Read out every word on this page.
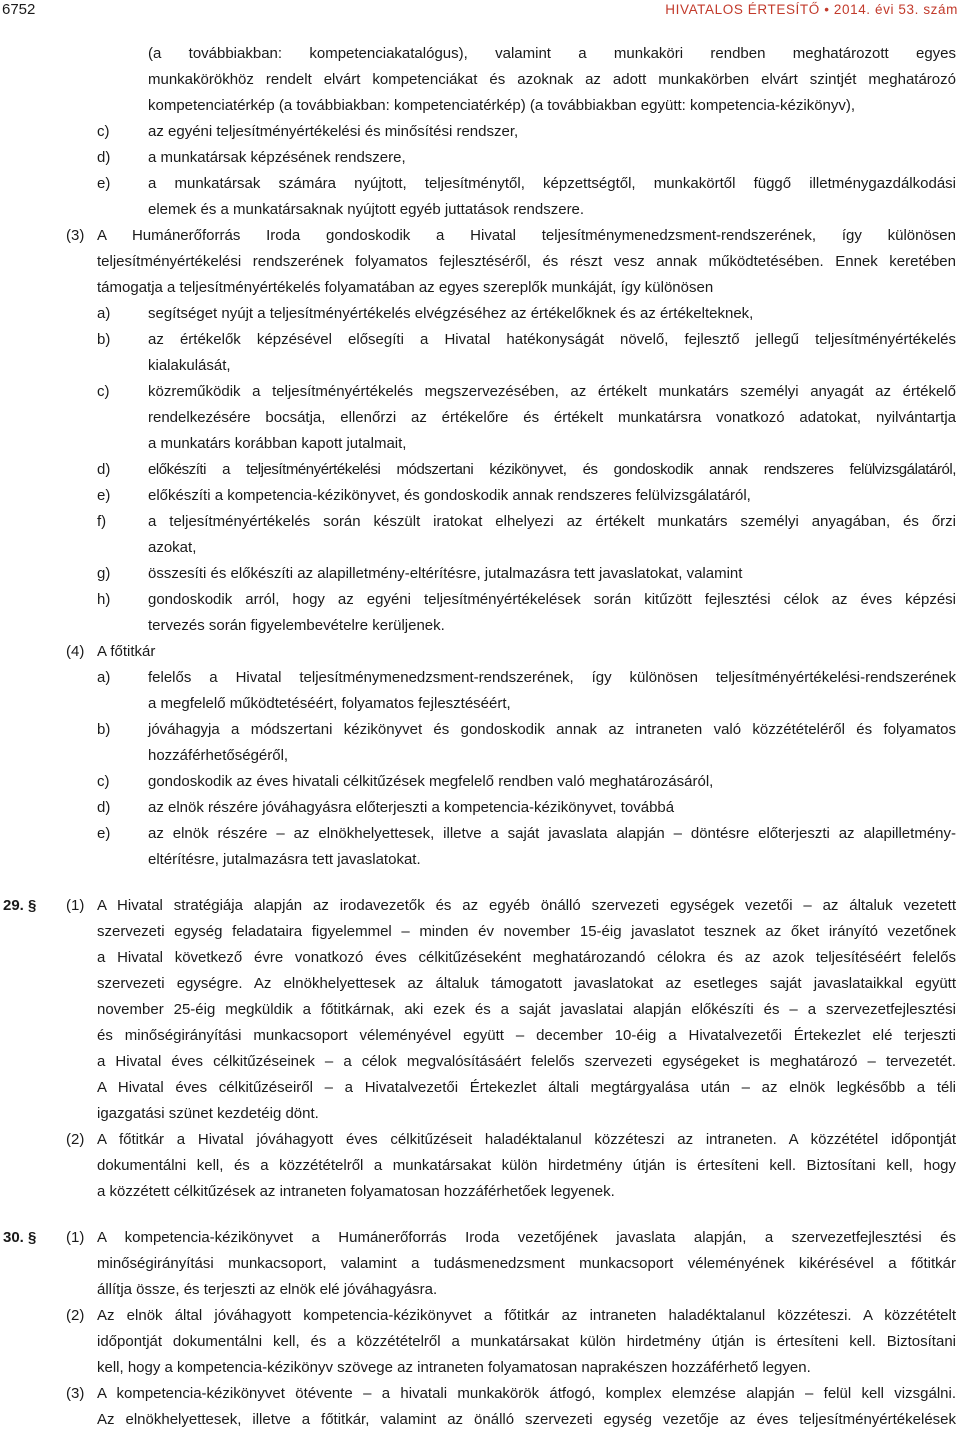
6752	HIVATALOS ÉRTESÍTŐ • 2014. évi 53. szám
(a továbbiakban: kompetenciakatalógus), valamint a munkaköri rendben meghatározott egyes
munkakörökhöz rendelt elvárt kompetenciákat és azoknak az adott munkakörben elvárt szintjét meghatározó
kompetenciatérkép (a továbbiakban: kompetenciatérkép) (a továbbiakban együtt: kompetencia-kézikönyv),
c)	az egyéni teljesítményértékelési és minősítési rendszer,
d)	a munkatársak képzésének rendszere,
e)	a munkatársak számára nyújtott, teljesítménytől, képzettségtől, munkakörtől függő illetménygazdálkodási
elemek és a munkatársaknak nyújtott egyéb juttatások rendszere.
(3) A Humánerőforrás Iroda gondoskodik a Hivatal teljesítménymenedzsment-rendszerének, így különösen
teljesítményértékelési rendszerének folyamatos fejlesztéséről, és részt vesz annak működtetésében. Ennek keretében
támogatja a teljesítményértékelés folyamatában az egyes szereplők munkáját, így különösen
a)	segítséget nyújt a teljesítményértékelés elvégzéséhez az értékelőknek és az értékelteknek,
b)	az értékelők képzésével elősegíti a Hivatal hatékonyságát növelő, fejlesztő jellegű teljesítményértékelés
kialakulását,
c)	közreműködik a teljesítményértékelés megszervezésében, az értékelt munkatárs személyi anyagát az értékelő
rendelkezésére bocsátja, ellenőrzi az értékelőre és értékelt munkatársra vonatkozó adatokat, nyilvántartja
a munkatárs korábban kapott jutalmait,
d)	előkészíti a teljesítményértékelési módszertani kézikönyvet, és gondoskodik annak rendszeres felülvizsgálatáról,
e)	előkészíti a kompetencia-kézikönyvet, és gondoskodik annak rendszeres felülvizsgálatáról,
f)	a teljesítményértékelés során készült iratokat elhelyezi az értékelt munkatárs személyi anyagában, és őrzi
azokat,
g)	összesíti és előkészíti az alapilletmény-eltérítésre, jutalmazásra tett javaslatokat, valamint
h)	gondoskodik arról, hogy az egyéni teljesítményértékelések során kitűzött fejlesztési célok az éves képzési
tervezés során figyelembevételre kerüljenek.
(4) A főtitkár
a)	felelős a Hivatal teljesítménymenedzsment-rendszerének, így különösen teljesítményértékelési-rendszerének
a megfelelő működtetéséért, folyamatos fejlesztéséért,
b)	jóváhagyja a módszertani kézikönyvet és gondoskodik annak az intraneten való közzétételéről és folyamatos
hozzáférhetőségéről,
c)	gondoskodik az éves hivatali célkitűzések megfelelő rendben való meghatározásáról,
d)	az elnök részére jóváhagyásra előterjeszti a kompetencia-kézikönyvet, továbbá
e)	az elnök részére – az elnökhelyettesek, illetve a saját javaslata alapján – döntésre előterjeszti az alapilletmény-
eltérítésre, jutalmazásra tett javaslatokat.
29. § (1) A Hivatal stratégiája alapján az irodavezetők és az egyéb önálló szervezeti egységek vezetői – az általuk vezetett
szervezeti egység feladataira figyelemmel – minden év november 15-éig javaslatot tesznek az őket irányító vezetőnek
a Hivatal következő évre vonatkozó éves célkitűzéseként meghatározandó célokra és az azok teljesítéséért felelős
szervezeti egységre. Az elnökhelyettesek az általuk támogatott javaslatokat az esetleges saját javaslataikkal együtt
november 25-éig megküldik a főtitkárnak, aki ezek és a saját javaslatai alapján előkészíti és – a szervezetfejlesztési
és minőségirányítási munkacsoport véleményével együtt – december 10-éig a Hivatalvezetői Értekezlet elé terjeszti
a Hivatal éves célkitűzéseinek – a célok megvalósításáért felelős szervezeti egységeket is meghatározó – tervezetét.
A Hivatal éves célkitűzéseiről – a Hivatalvezetői Értekezlet általi megtárgyalása után – az elnök legkésőbb a téli
igazgatási szünet kezdetéig dönt.
(2) A főtitkár a Hivatal jóváhagyott éves célkitűzéseit haladéktalanul közzéteszi az intraneten. A közzététel időpontját
dokumentálni kell, és a közzétételről a munkatársakat külön hirdetmény útján is értesíteni kell. Biztosítani kell, hogy
a közzétett célkitűzések az intraneten folyamatosan hozzáférhetőek legyenek.
30. § (1) A kompetencia-kézikönyvet a Humánerőforrás Iroda vezetőjének javaslata alapján, a szervezetfejlesztési és
minőségirányítási munkacsoport, valamint a tudásmenedzsment munkacsoport véleményének kikérésével a főtitkár
állítja össze, és terjeszti az elnök elé jóváhagyásra.
(2) Az elnök által jóváhagyott kompetencia-kézikönyvet a főtitkár az intraneten haladéktalanul közzéteszi. A közzétételt
időpontját dokumentálni kell, és a közzétételről a munkatársakat külön hirdetmény útján is értesíteni kell. Biztosítani
kell, hogy a kompetencia-kézikönyv szövege az intraneten folyamatosan naprakészen hozzáférhető legyen.
(3) A kompetencia-kézikönyvet ötévente – a hivatali munkakörök átfogó, komplex elemzése alapján – felül kell vizsgálni.
Az elnökhelyettesek, illetve a főtitkár, valamint az önálló szervezeti egység vezetője az éves teljesítményértékelések
